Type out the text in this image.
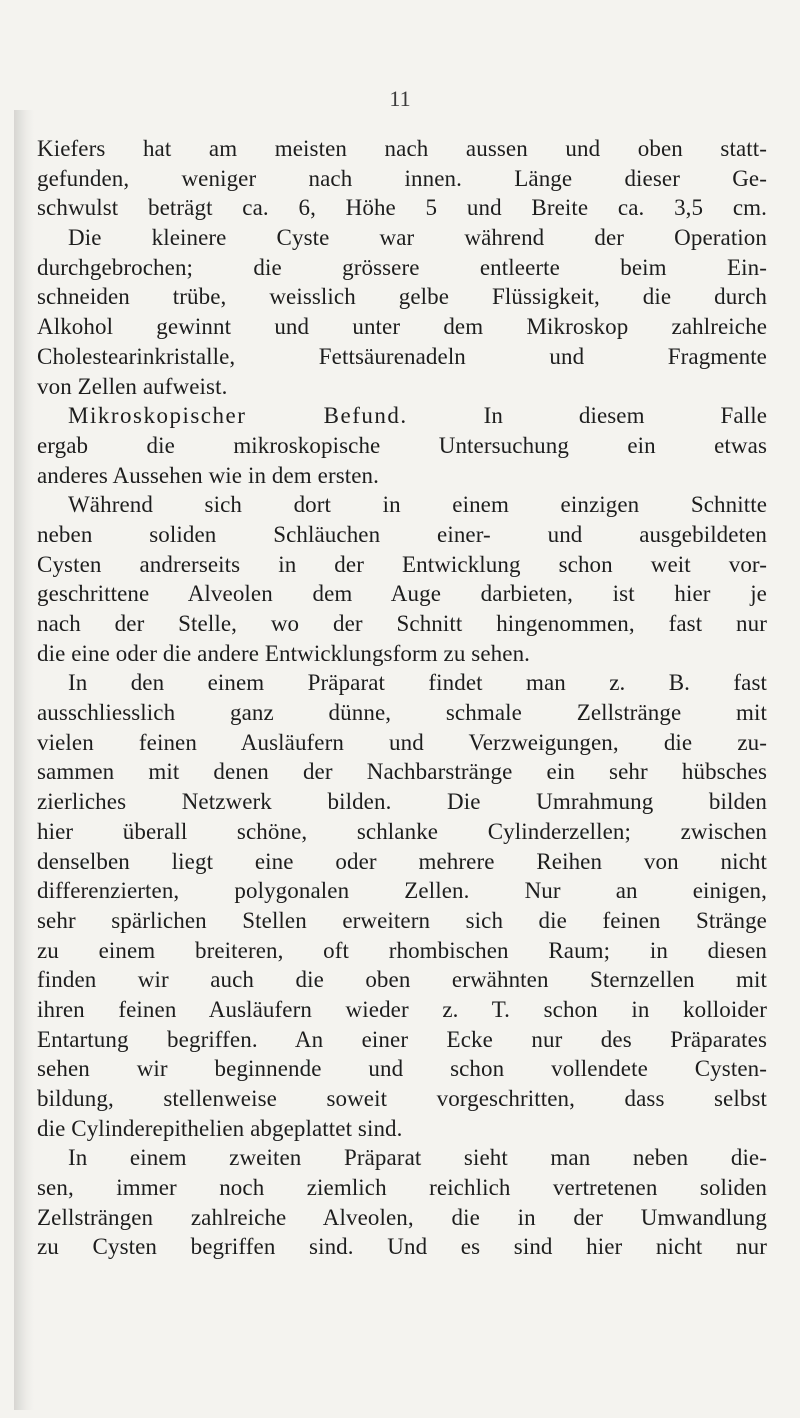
11
Kiefers hat am meisten nach aussen und oben statt-
gefunden, weniger nach innen. Länge dieser Ge-
schwulst beträgt ca. 6, Höhe 5 und Breite ca. 3,5 cm.
Die kleinere Cyste war während der Operation
durchgebrochen; die grössere entleerte beim Ein-
schneiden trübe, weisslich gelbe Flüssigkeit, die durch
Alkohol gewinnt und unter dem Mikroskop zahlreiche
Cholestearinkristalle, Fettsäurenadeln und Fragmente
von Zellen aufweist.
Mikroskopischer Befund. In diesem Falle
ergab die mikroskopische Untersuchung ein etwas
anderes Aussehen wie in dem ersten.
Während sich dort in einem einzigen Schnitte
neben soliden Schläuchen einer- und ausgebildeten
Cysten andrerseits in der Entwicklung schon weit vor-
geschrittene Alveolen dem Auge darbieten, ist hier je
nach der Stelle, wo der Schnitt hingenommen, fast nur
die eine oder die andere Entwicklungsform zu sehen.
In den einem Präparat findet man z. B. fast
ausschliesslich ganz dünne, schmale Zellstränge mit
vielen feinen Ausläufern und Verzweigungen, die zu-
sammen mit denen der Nachbarstränge ein sehr hübsches
zierliches Netzwerk bilden. Die Umrahmung bilden
hier überall schöne, schlanke Cylinderzellen; zwischen
denselben liegt eine oder mehrere Reihen von nicht
differenzierten, polygonalen Zellen. Nur an einigen,
sehr spärlichen Stellen erweitern sich die feinen Stränge
zu einem breiteren, oft rhombischen Raum; in diesen
finden wir auch die oben erwähnten Sternzellen mit
ihren feinen Ausläufern wieder z. T. schon in kolloider
Entartung begriffen. An einer Ecke nur des Präparates
sehen wir beginnende und schon vollendete Cysten-
bildung, stellenweise soweit vorgeschritten, dass selbst
die Cylinderepithelien abgeplattet sind.
In einem zweiten Präparat sieht man neben die-
sen, immer noch ziemlich reichlich vertretenen soliden
Zellsträngen zahlreiche Alveolen, die in der Umwandlung
zu Cysten begriffen sind. Und es sind hier nicht nur
